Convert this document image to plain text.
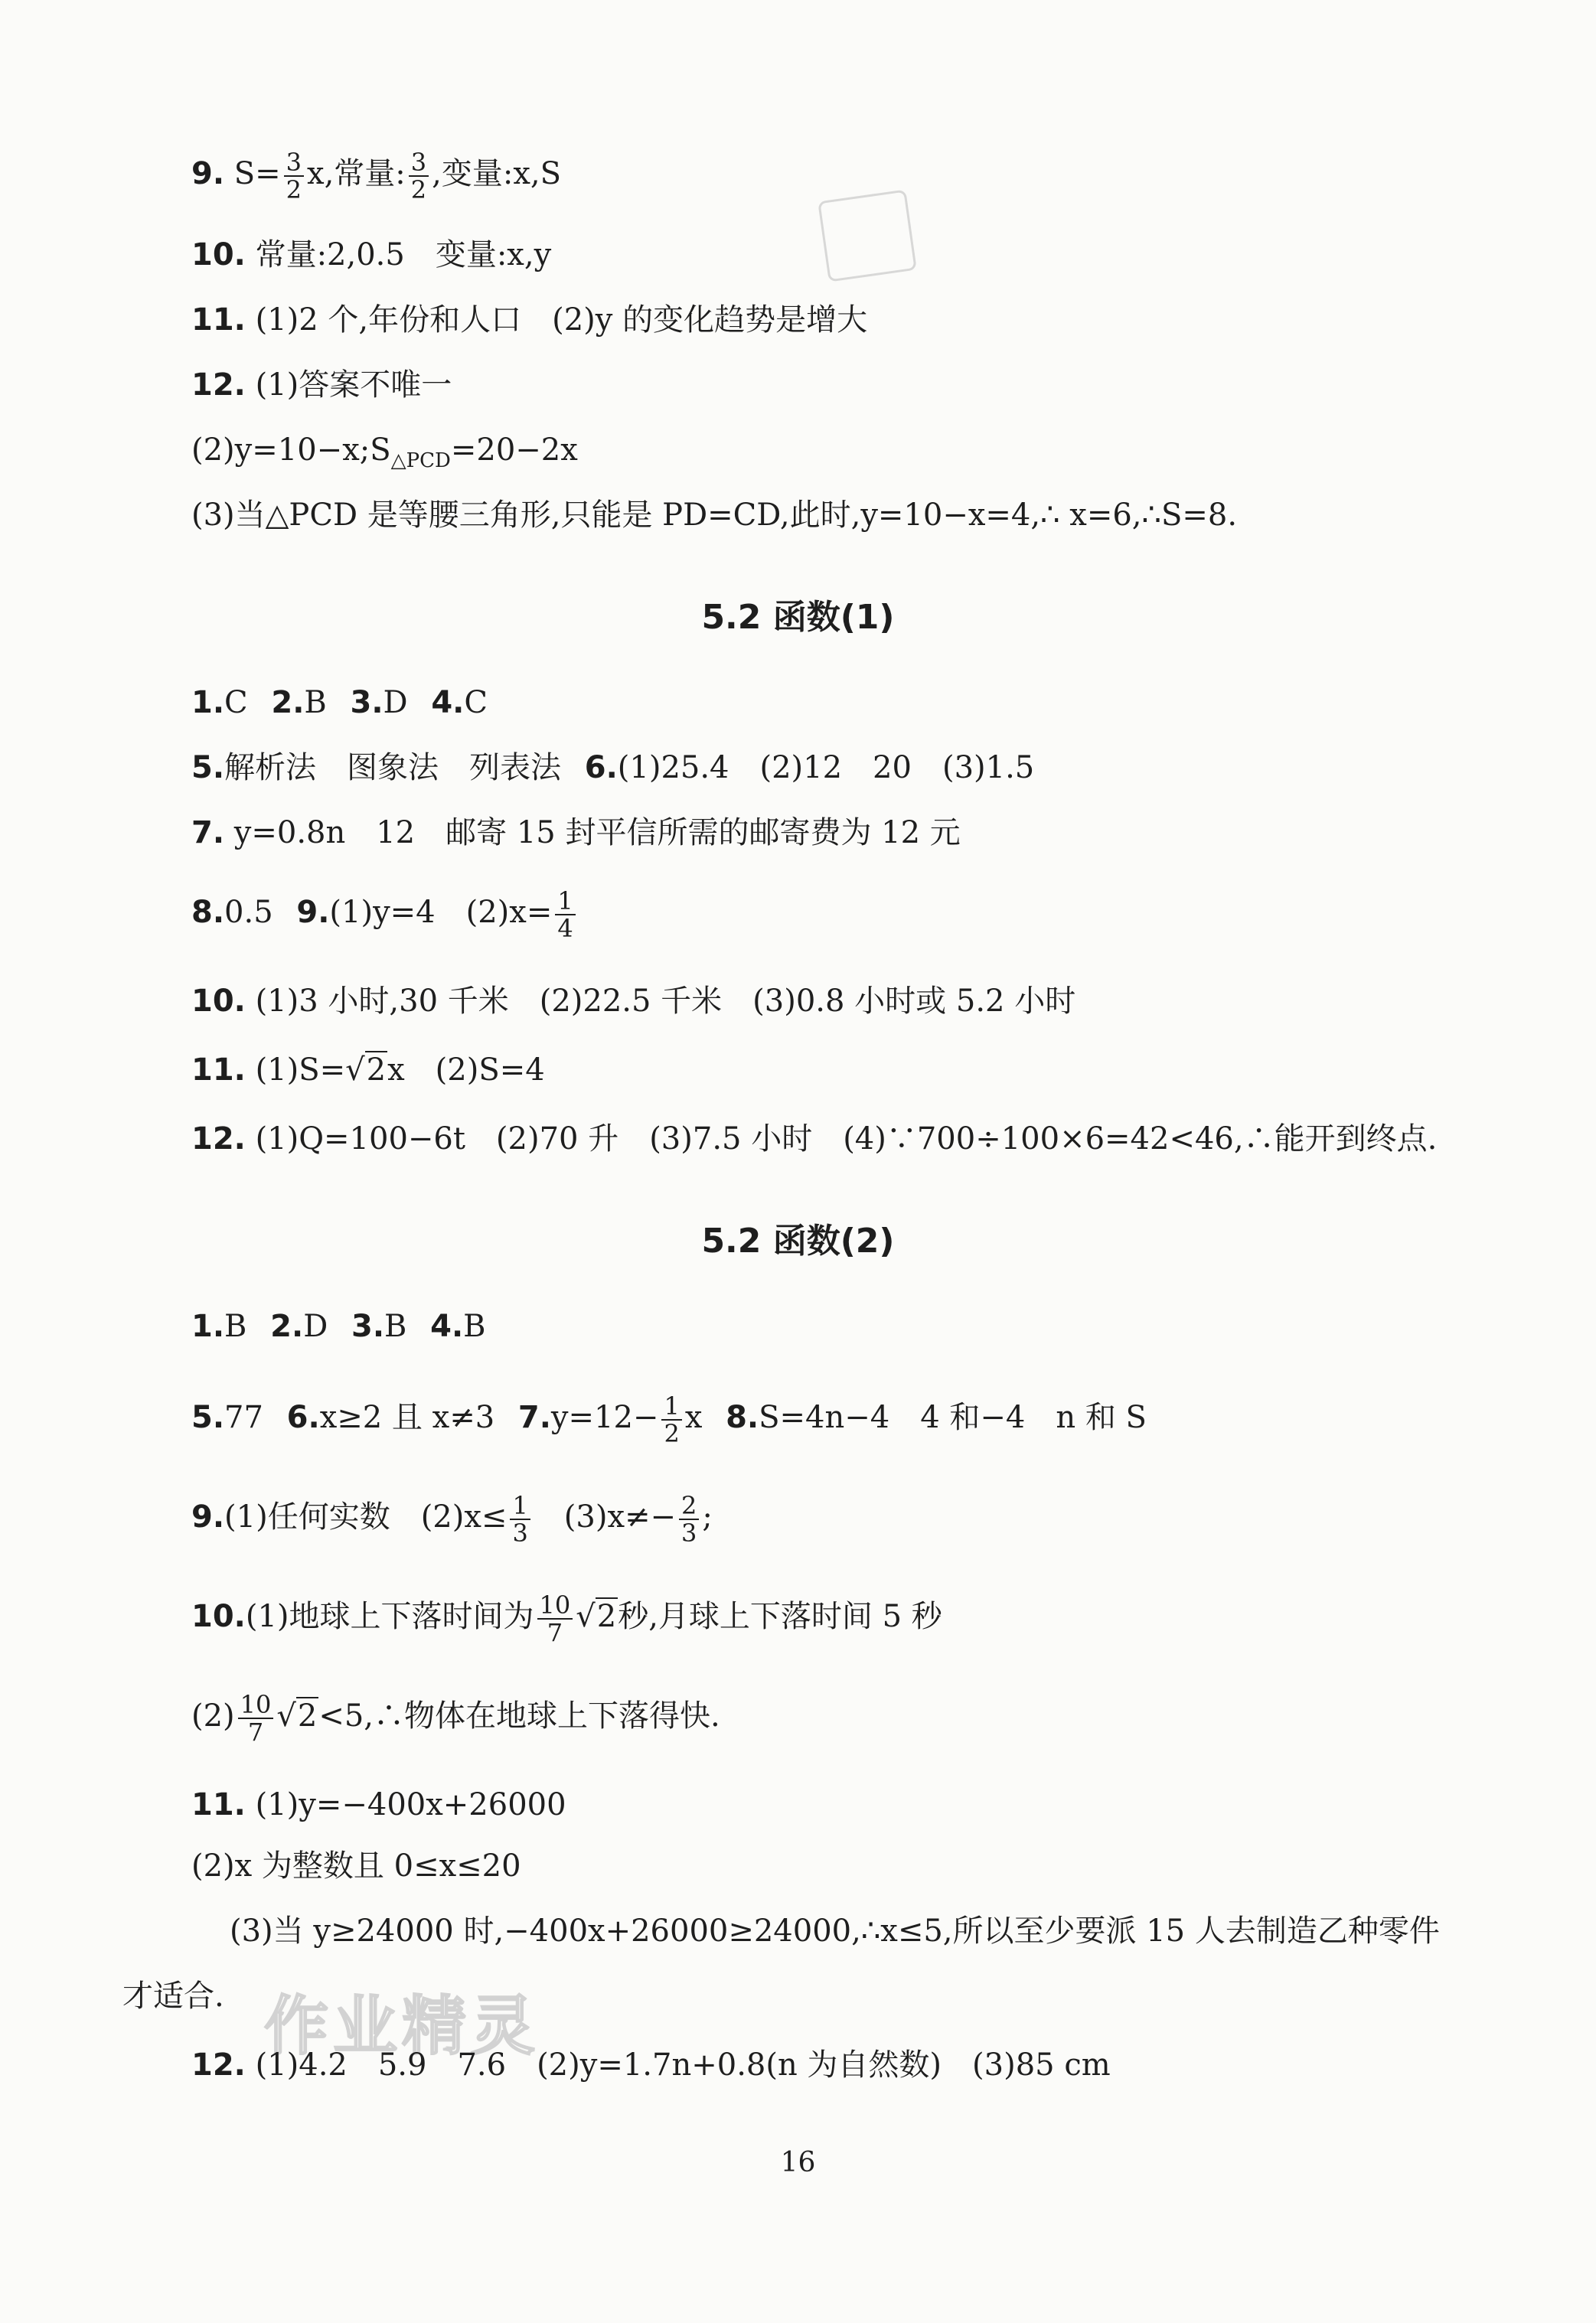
作业精灵
9. $S= \frac{3}{2} x$,常量: $\frac{3}{2}$ ,变量:x,S
10. 常量:2,0.5　变量:x,y
11. (1)2 个,年份和人口　(2)y 的变化趋势是增大
12. (1)答案不唯一
$(2)y=10-x;S_{\triangle PCD}=20-2x$
(3)当△PCD 是等腰三角形,只能是 PD=CD,此时,y=10−x=4,∴ x=6,∴S=8.
5.2 函数(1)
1.C 2.B 3.D 4.C
5.解析法　图象法　列表法 6.(1)25.4　(2)12　20　(3)1.5
7. y=0.8n　12　邮寄 15 封平信所需的邮寄费为 12 元
8.0.5 9.(1)y=4　$(2)x= \frac{1}{4}$
10. (1)3 小时,30 千米　(2)22.5 千米　(3)0.8 小时或 5.2 小时
11. (1)S=√2x　(2)S=4
12. (1)Q=100−6t　(2)70 升　(3)7.5 小时　(4)∵700÷100×6=42<46,∴能开到终点.
5.2 函数(2)
1.B 2.D 3.B 4.B
5.77 6.x≥2 且 x≠3 $7.y=12- \frac{1}{2}$ x 8.S=4n−4　4 和−4　n 和 S
9.(1)任何实数　$(2)x\le \frac{1}{3}$ 　$(3)x\ne- \frac{2}{3}$ ;
10.(1)地球上下落时间为 $\frac{10}{7} √2$秒,月球上下落时间 5 秒
$(2) \frac{10}{7}$ √2<5,∴物体在地球上下落得快.
11. (1)y=−400x+26000
(2)x 为整数且 0≤x≤20
(3)当 y≥24000 时,−400x+26000≥24000,∴x≤5,所以至少要派 15 人去制造乙种零件
才适合.
12. (1)4.2　5.9　7.6　(2)y=1.7n+0.8(n 为自然数)　(3)85 cm
16
